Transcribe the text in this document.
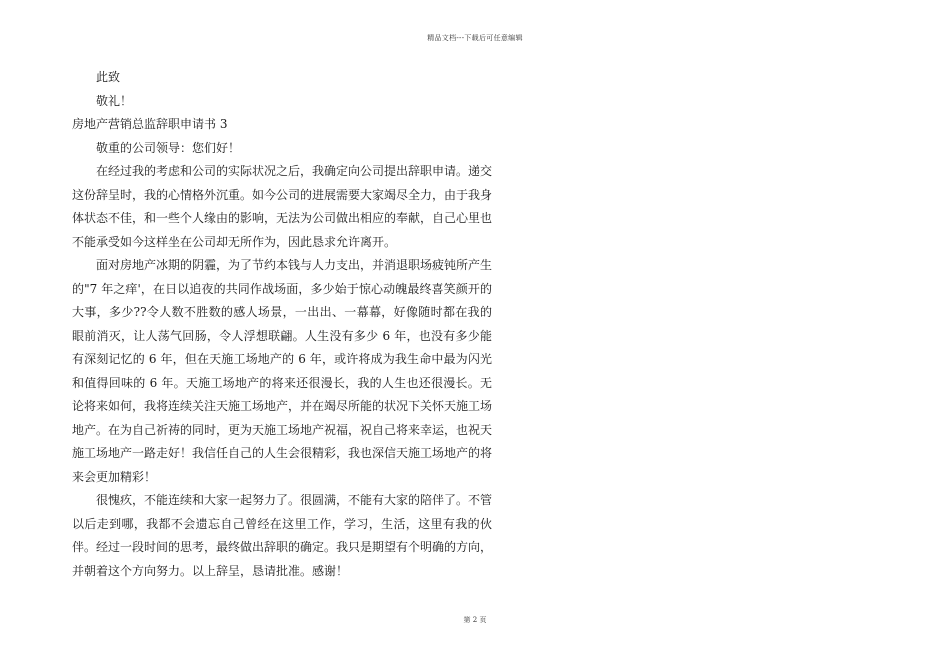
精品文档---下载后可任意编辑

此致

敬礼！

房地产营销总监辞职申请书 3

敬重的公司领导：您们好！

在经过我的考虑和公司的实际状况之后，我确定向公司提出辞职申请。递交这份辞呈时，我的心情格外沉重。如今公司的进展需要大家竭尽全力，由于我身体状态不佳，和一些个人缘由的影响，无法为公司做出相应的奉献，自己心里也不能承受如今这样坐在公司却无所作为，因此恳求允许离开。

面对房地产冰期的阴霾，为了节约本钱与人力支出，并消退职场疲钝所产生的"7 年之痒'，在日以追夜的共同作战场面，多少始于惊心动魄最终喜笑颜开的大事，多少??令人数不胜数的感人场景，一出出、一幕幕，好像随时都在我的眼前消灭，让人荡气回肠，令人浮想联翩。人生没有多少 6 年，也没有多少能有深刻记忆的 6 年，但在天施工场地产的 6 年，或许将成为我生命中最为闪光和值得回味的 6 年。天施工场地产的将来还很漫长，我的人生也还很漫长。无论将来如何，我将连续关注天施工场地产，并在竭尽所能的状况下关怀天施工场地产。在为自己祈祷的同时，更为天施工场地产祝福，祝自己将来幸运，也祝天施工场地产一路走好！我信任自己的人生会很精彩，我也深信天施工场地产的将来会更加精彩！

很愧疚，不能连续和大家一起努力了。很圆满，不能有大家的陪伴了。不管以后走到哪，我都不会遗忘自己曾经在这里工作，学习，生活，这里有我的伙伴。经过一段时间的思考，最终做出辞职的确定。我只是期望有个明确的方向，并朝着这个方向努力。以上辞呈，恳请批准。感谢！

第 2 页
